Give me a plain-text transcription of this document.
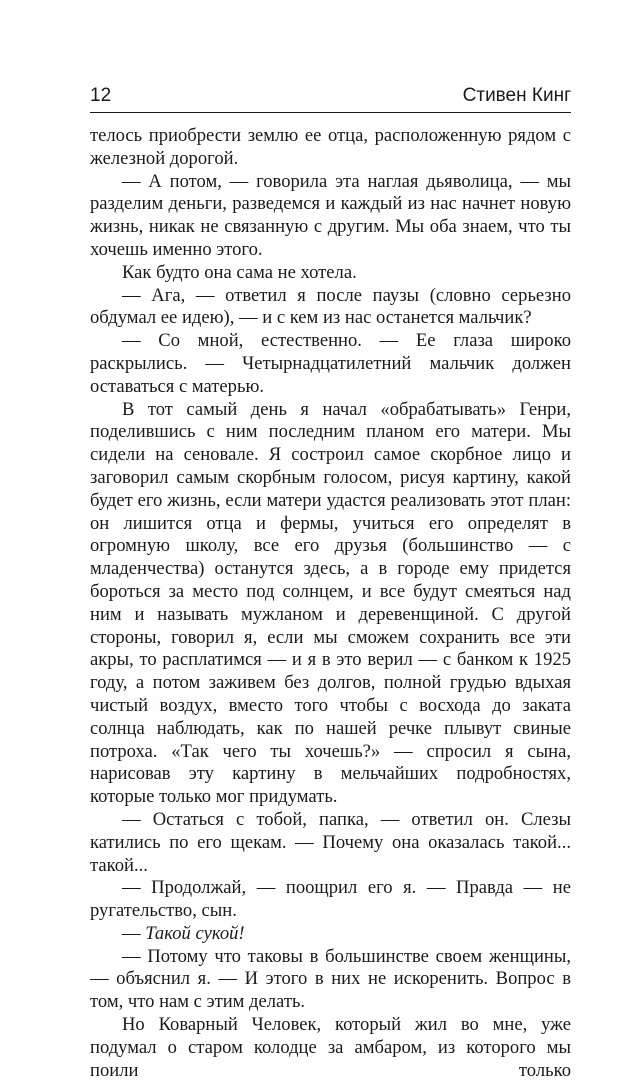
12	Стивен Кинг

телось приобрести землю ее отца, расположенную рядом с железной дорогой.

— А потом, — говорила эта наглая дьяволица, — мы разделим деньги, разведемся и каждый из нас начнет новую жизнь, никак не связанную с другим. Мы оба знаем, что ты хочешь именно этого.

Как будто она сама не хотела.

— Ага, — ответил я после паузы (словно серьезно обдумал ее идею), — и с кем из нас останется мальчик?

— Со мной, естественно. — Ее глаза широко раскрылись. — Четырнадцатилетний мальчик должен оставаться с матерью.

В тот самый день я начал «обрабатывать» Генри, поделившись с ним последним планом его матери. Мы сидели на сеновале. Я состроил самое скорбное лицо и заговорил самым скорбным голосом, рисуя картину, какой будет его жизнь, если матери удастся реализовать этот план: он лишится отца и фермы, учиться его определят в огромную школу, все его друзья (большинство — с младенчества) останутся здесь, а в городе ему придется бороться за место под солнцем, и все будут смеяться над ним и называть мужланом и деревенщиной. С другой стороны, говорил я, если мы сможем сохранить все эти акры, то расплатимся — и я в это верил — с банком к 1925 году, а потом заживем без долгов, полной грудью вдыхая чистый воздух, вместо того чтобы с восхода до заката солнца наблюдать, как по нашей речке плывут свиные потроха. «Так чего ты хочешь?» — спросил я сына, нарисовав эту картину в мельчайших подробностях, которые только мог придумать.

— Остаться с тобой, папка, — ответил он. Слезы катились по его щекам. — Почему она оказалась такой... такой...

— Продолжай, — поощрил его я. — Правда — не ругательство, сын.

— Такой сукой!

— Потому что таковы в большинстве своем женщины, — объяснил я. — И этого в них не искоренить. Вопрос в том, что нам с этим делать.

Но Коварный Человек, который жил во мне, уже подумал о старом колодце за амбаром, из которого мы поили только
